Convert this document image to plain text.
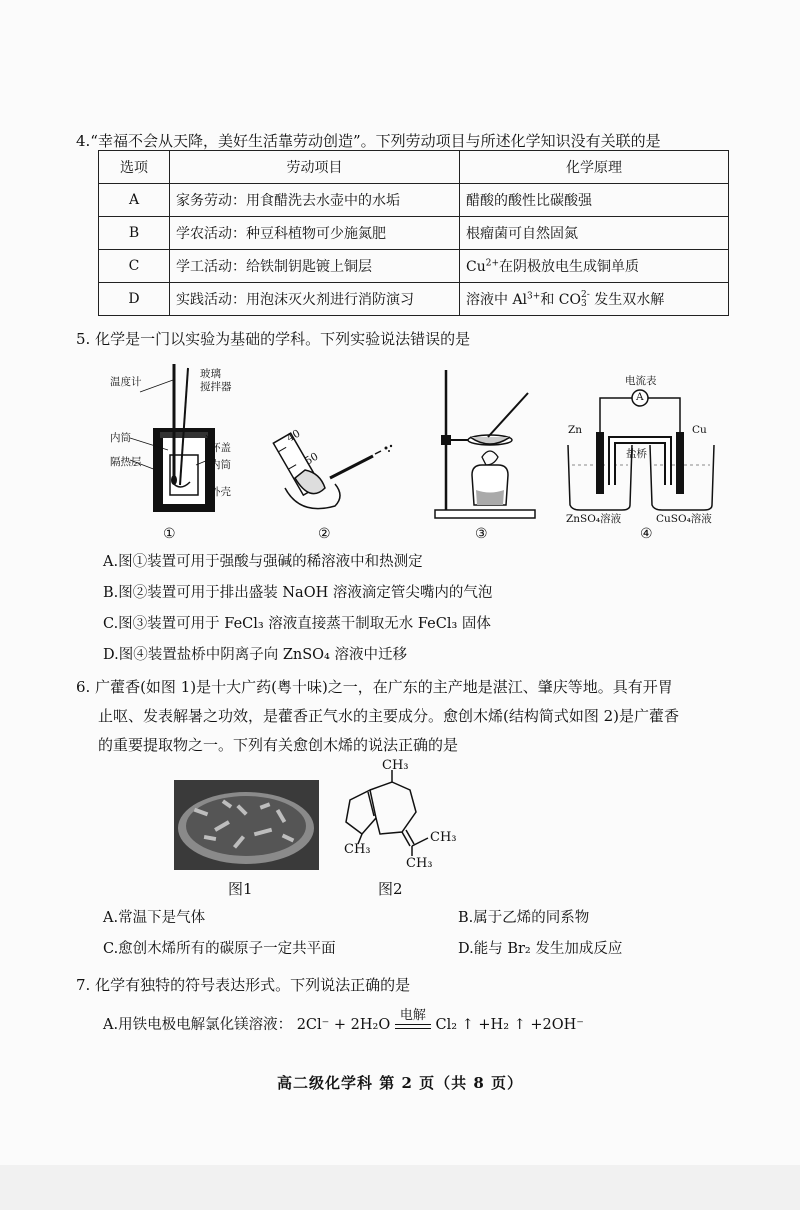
4.“幸福不会从天降，美好生活靠劳动创造”。下列劳动项目与所述化学知识没有关联的是
选项	劳动项目	化学原理
A	家务劳动：用食醋洗去水壶中的水垢	醋酸的酸性比碳酸强
B	学农活动：种豆科植物可少施氮肥	根瘤菌可自然固氮
C	学工活动：给铁制钥匙镀上铜层	$Cu^{2+}$在阴极放电生成铜单质
D	实践活动：用泡沫灭火剂进行消防演习	溶液中 $Al^{3+}$和 CO 2-
3 发生双水解
5. 化学是一门以实验为基础的学科。下列实验说法错误的是
温度计
玻璃
搅拌器
内筒
隔热层
杯盖
内筒
外壳
①
40
50
②	③
电流表
A
Zn	Cu
盐桥
ZnSO₄溶液	CuSO₄溶液
④
A.图①装置可用于强酸与强碱的稀溶液中和热测定
B.图②装置可用于排出盛装 NaOH 溶液滴定管尖嘴内的气泡
C.图③装置可用于 FeCl₃ 溶液直接蒸干制取无水 FeCl₃ 固体
D.图④装置盐桥中阴离子向 ZnSO₄ 溶液中迁移
6. 广藿香(如图 1)是十大广药(粤十味)之一，在广东的主产地是湛江、肇庆等地。具有开胃
止呕、发表解暑之功效，是藿香正气水的主要成分。愈创木烯(结构简式如图 2)是广藿香
的重要提取物之一。下列有关愈创木烯的说法正确的是
图1
CH₃
CH₃
CH₃
CH₃
图2
A.常温下是气体	B.属于乙烯的同系物
C.愈创木烯所有的碳原子一定共平面	D.能与 Br₂ 发生加成反应
7. 化学有独特的符号表达形式。下列说法正确的是
A.用铁电极电解氯化镁溶液： 2Cl⁻ + 2H₂O
电解
Cl₂ ↑ +H₂ ↑ +2OH⁻
高二级化学科 第 2 页（共 8 页）
